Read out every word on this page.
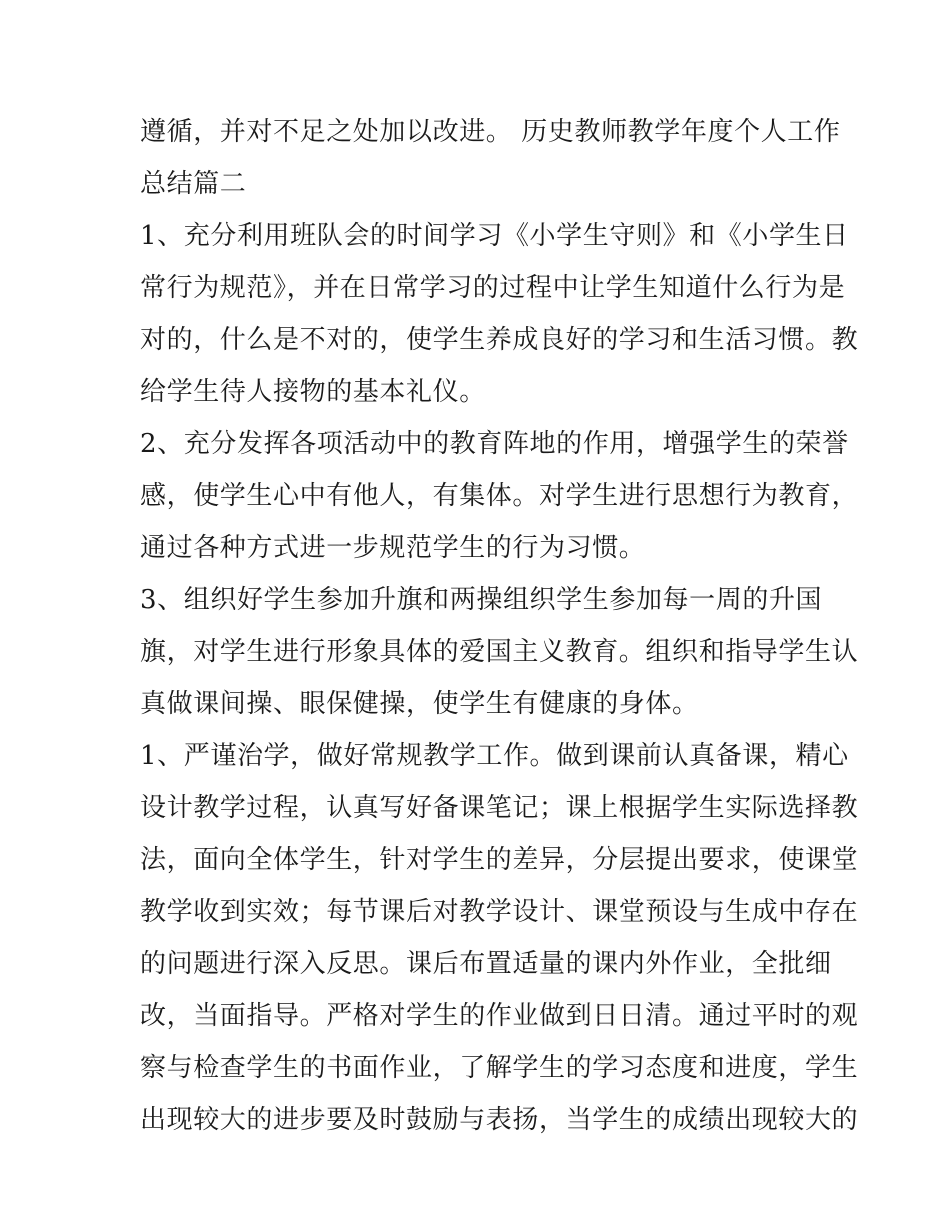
遵循，并对不足之处加以改进。 历史教师教学年度个人工作
总结篇二
1、充分利用班队会的时间学习《小学生守则》和《小学生日
常行为规范》，并在日常学习的过程中让学生知道什么行为是
对的，什么是不对的，使学生养成良好的学习和生活习惯。教
给学生待人接物的基本礼仪。
2、充分发挥各项活动中的教育阵地的作用，增强学生的荣誉
感，使学生心中有他人，有集体。对学生进行思想行为教育，
通过各种方式进一步规范学生的行为习惯。
3、组织好学生参加升旗和两操组织学生参加每一周的升国
旗，对学生进行形象具体的爱国主义教育。组织和指导学生认
真做课间操、眼保健操，使学生有健康的身体。
1、严谨治学，做好常规教学工作。做到课前认真备课，精心
设计教学过程，认真写好备课笔记；课上根据学生实际选择教
法，面向全体学生，针对学生的差异，分层提出要求，使课堂
教学收到实效；每节课后对教学设计、课堂预设与生成中存在
的问题进行深入反思。课后布置适量的课内外作业，全批细
改，当面指导。严格对学生的作业做到日日清。通过平时的观
察与检查学生的书面作业，了解学生的学习态度和进度，学生
出现较大的进步要及时鼓励与表扬，当学生的成绩出现较大的
